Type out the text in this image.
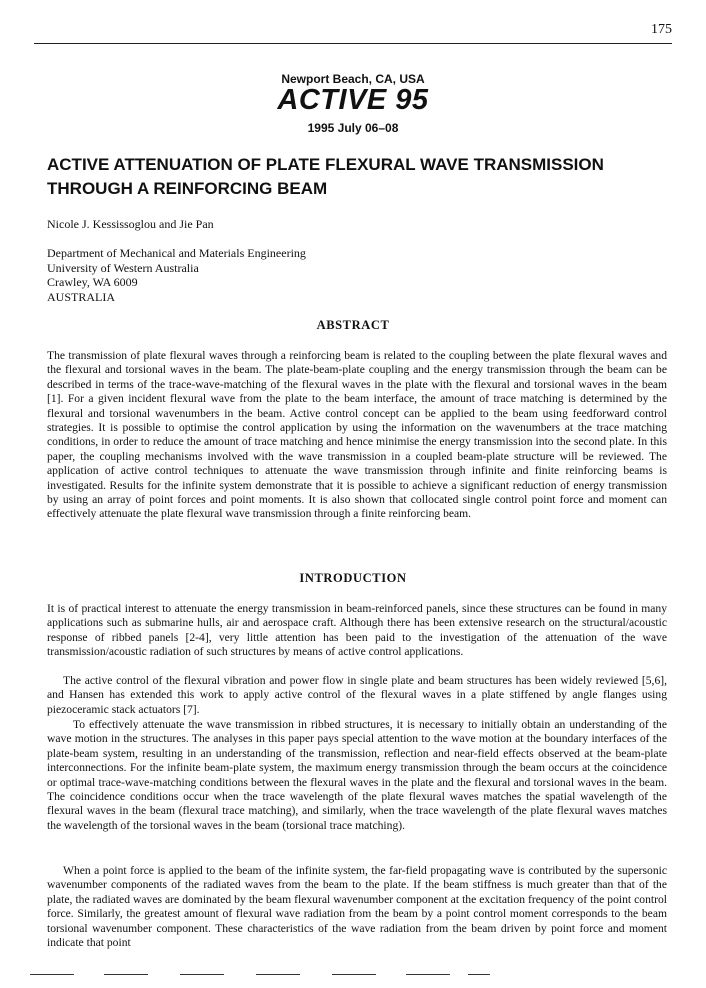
175
Newport Beach, CA, USA
ACTIVE 95
1995 July 06–08
ACTIVE ATTENUATION OF PLATE FLEXURAL WAVE TRANSMISSION THROUGH A REINFORCING BEAM
Nicole J. Kessissoglou and Jie Pan
Department of Mechanical and Materials Engineering
University of Western Australia
Crawley, WA 6009
AUSTRALIA
ABSTRACT

The transmission of plate flexural waves through a reinforcing beam is related to the coupling between the plate flexural waves and the flexural and torsional waves in the beam. The plate-beam-plate coupling and the energy transmission through the beam can be described in terms of the trace-wave-matching of the flexural waves in the plate with the flexural and torsional waves in the beam [1]. For a given incident flexural wave from the plate to the beam interface, the amount of trace matching is determined by the flexural and torsional wavenumbers in the beam. Active control concept can be applied to the beam using feedforward control strategies. It is possible to optimise the control application by using the information on the wavenumbers at the trace matching conditions, in order to reduce the amount of trace matching and hence minimise the energy transmission into the second plate. In this paper, the coupling mechanisms involved with the wave transmission in a coupled beam-plate structure will be reviewed. The application of active control techniques to attenuate the wave transmission through infinite and finite reinforcing beams is investigated. Results for the infinite system demonstrate that it is possible to achieve a significant reduction of energy transmission by using an array of point forces and point moments. It is also shown that collocated single control point force and moment can effectively attenuate the plate flexural wave transmission through a finite reinforcing beam.

INTRODUCTION

It is of practical interest to attenuate the energy transmission in beam-reinforced panels, since these structures can be found in many applications such as submarine hulls, air and aerospace craft. Although there has been extensive research on the structural/acoustic response of ribbed panels [2-4], very little attention has been paid to the investigation of the attenuation of the wave transmission/acoustic radiation of such structures by means of active control applications.

The active control of the flexural vibration and power flow in single plate and beam structures has been widely reviewed [5,6], and Hansen has extended this work to apply active control of the flexural waves in a plate stiffened by angle flanges using piezoceramic stack actuators [7].

To effectively attenuate the wave transmission in ribbed structures, it is necessary to initially obtain an understanding of the wave motion in the structures. The analyses in this paper pays special attention to the wave motion at the boundary interfaces of the plate-beam system, resulting in an understanding of the transmission, reflection and near-field effects observed at the beam-plate interconnections. For the infinite beam-plate system, the maximum energy transmission through the beam occurs at the coincidence or optimal trace-wave-matching conditions between the flexural waves in the plate and the flexural and torsional waves in the beam. The coincidence conditions occur when the trace wavelength of the plate flexural waves matches the spatial wavelength of the flexural waves in the beam (flexural trace matching), and similarly, when the trace wavelength of the plate flexural waves matches the wavelength of the torsional waves in the beam (torsional trace matching).

When a point force is applied to the beam of the infinite system, the far-field propagating wave is contributed by the supersonic wavenumber components of the radiated waves from the beam to the plate. If the beam stiffness is much greater than that of the plate, the radiated waves are dominated by the beam flexural wavenumber component at the excitation frequency of the point control force. Similarly, the greatest amount of flexural wave radiation from the beam by a point control moment corresponds to the beam torsional wavenumber component. These characteristics of the wave radiation from the beam driven by point force and moment indicate that point
